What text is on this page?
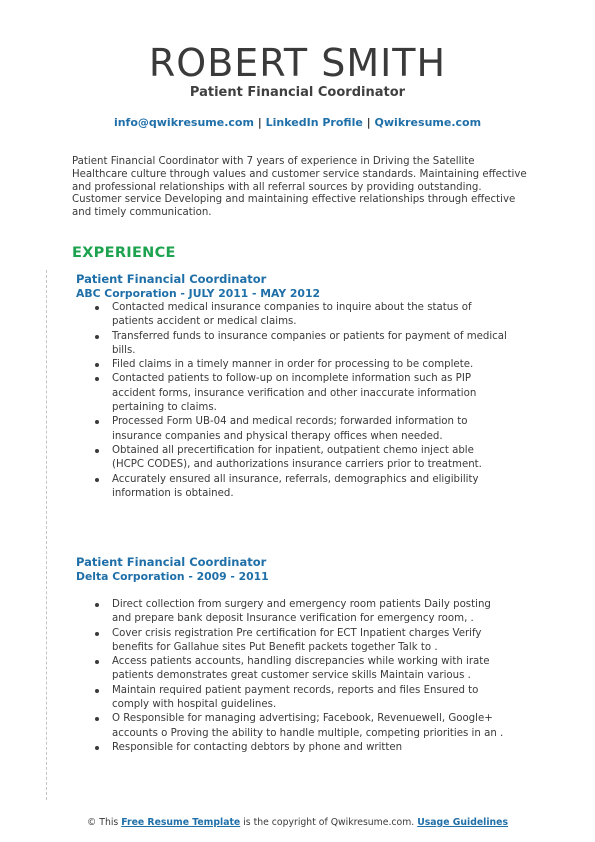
ROBERT SMITH
Patient Financial Coordinator
info@qwikresume.com | LinkedIn Profile | Qwikresume.com
Patient Financial Coordinator with 7 years of experience in Driving the Satellite Healthcare culture through values and customer service standards. Maintaining effective and professional relationships with all referral sources by providing outstanding. Customer service Developing and maintaining effective relationships through effective and timely communication.
EXPERIENCE
Patient Financial Coordinator
ABC Corporation - JULY 2011 - MAY 2012
Contacted medical insurance companies to inquire about the status of patients accident or medical claims.
Transferred funds to insurance companies or patients for payment of medical bills.
Filed claims in a timely manner in order for processing to be complete.
Contacted patients to follow-up on incomplete information such as PIP accident forms, insurance verification and other inaccurate information pertaining to claims.
Processed Form UB-04 and medical records; forwarded information to insurance companies and physical therapy offices when needed.
Obtained all precertification for inpatient, outpatient chemo inject able (HCPC CODES), and authorizations insurance carriers prior to treatment.
Accurately ensured all insurance, referrals, demographics and eligibility information is obtained.
Patient Financial Coordinator
Delta Corporation - 2009 - 2011
Direct collection from surgery and emergency room patients Daily posting and prepare bank deposit Insurance verification for emergency room, .
Cover crisis registration Pre certification for ECT Inpatient charges Verify benefits for Gallahue sites Put Benefit packets together Talk to .
Access patients accounts, handling discrepancies while working with irate patients demonstrates great customer service skills Maintain various .
Maintain required patient payment records, reports and files Ensured to comply with hospital guidelines.
O Responsible for managing advertising; Facebook, Revenuewell, Google+ accounts o Proving the ability to handle multiple, competing priorities in an .
Responsible for contacting debtors by phone and written
© This Free Resume Template is the copyright of Qwikresume.com. Usage Guidelines
